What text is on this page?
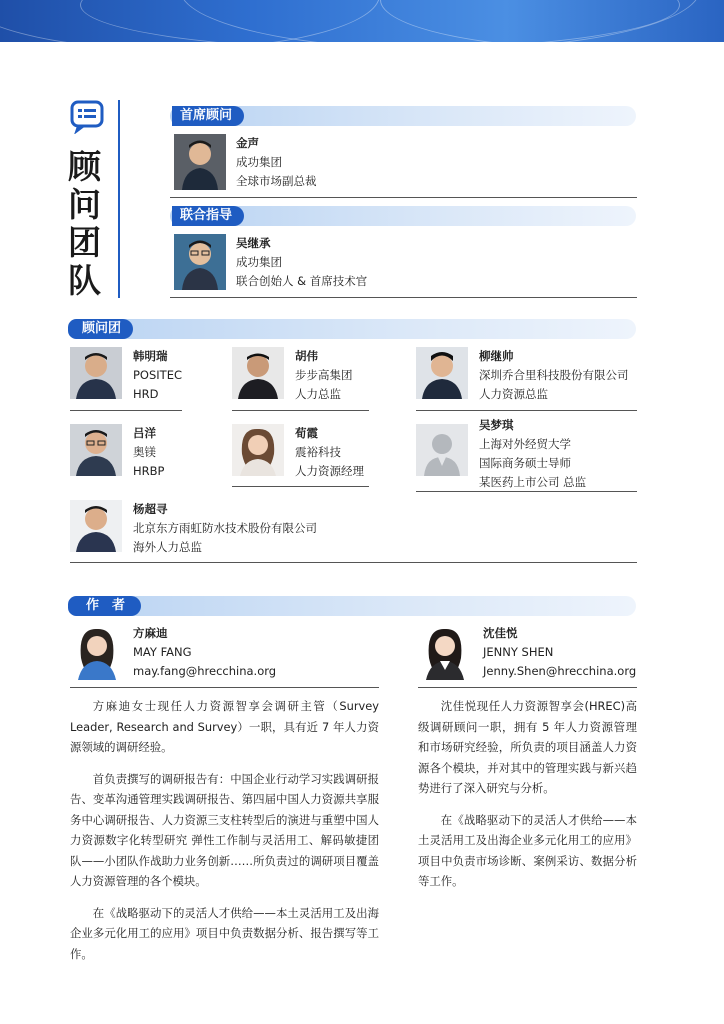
顾
问
团
队
首席顾问
金声
成功集团
全球市场副总裁
联合指导
吴继承
成功集团
联合创始人 & 首席技术官
顾问团
韩明瑞
POSITEC
HRD
胡伟
步步高集团
人力总监
柳继帅
深圳乔合里科技股份有限公司
人力资源总监
吕洋
奥镁
HRBP
荀霞
震裕科技
人力资源经理
吴梦琪
上海对外经贸大学
国际商务硕士导师
某医药上市公司 总监
杨超寻
北京东方雨虹防水技术股份有限公司
海外人力总监
作　者
方麻迪
MAY FANG
may.fang@hrecchina.org

方麻迪女士现任人力资源智享会调研主管（Survey Leader, Research and Survey）一职，具有近 7 年人力资源领域的调研经验。

首负责撰写的调研报告有：中国企业行动学习实践调研报告、变革沟通管理实践调研报告、第四届中国人力资源共享服务中心调研报告、人力资源三支柱转型后的演进与重塑中国人力资源数字化转型研究 弹性工作制与灵活用工、解码敏捷团队——小团队作战助力业务创新……所负责过的调研项目覆盖人力资源管理的各个模块。

在《战略驱动下的灵活人才供给——本土灵活用工及出海企业多元化用工的应用》项目中负责数据分析、报告撰写等工作。

沈佳悦
JENNY SHEN
Jenny.Shen@hrecchina.org

沈佳悦现任人力资源智享会(HREC)高级调研顾问一职，拥有 5 年人力资源管理和市场研究经验，所负责的项目涵盖人力资源各个模块，并对其中的管理实践与新兴趋势进行了深入研究与分析。

在《战略驱动下的灵活人才供给——本土灵活用工及出海企业多元化用工的应用》项目中负责市场诊断、案例采访、数据分析等工作。
